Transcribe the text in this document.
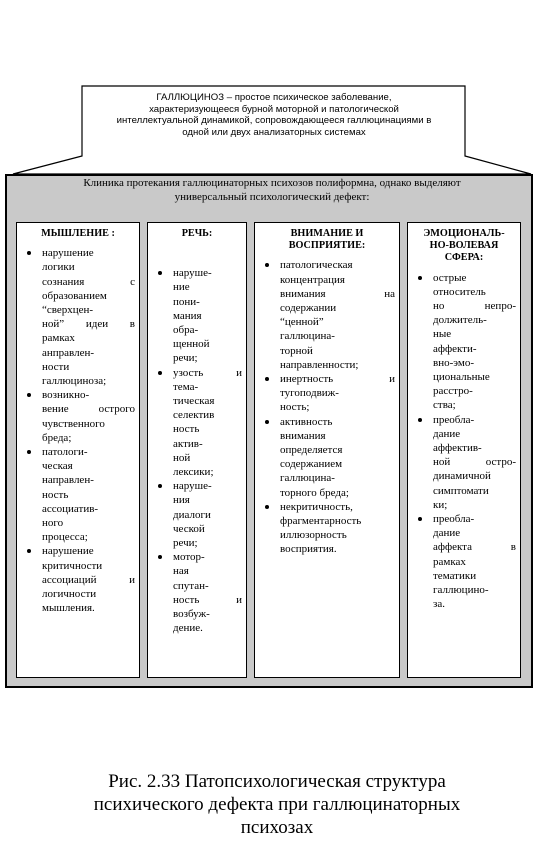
ГАЛЛЮЦИНОЗ – простое психическое заболевание,
характеризующееся бурной моторной и патологической
интеллектуальной динамикой, сопровождающееся галлюцинациями в
одной или двух анализаторных системах
Клиника протекания галлюцинаторных психозов полиформна, однако выделяют
универсальный психологический дефект:
МЫШЛЕНИЕ :
нарушение
логики
сознания с
образованием
“сверхцен-
ной” идеи в
рамках
анправлен-
ности
галлюциноза;
возникно-
вение острого
чувственного
бреда;
патологи-
ческая
направлен-
ность
ассоциатив-
ного
процесса;
нарушение
критичности
ассоциаций и
логичности
мышления.
РЕЧЬ:
наруше-
ние
пони-
мания
обра-
щенной
речи;
узость и
тема-
тическая
селектив
ность
актив-
ной
лексики;
наруше-
ния
диалоги
ческой
речи;
мотор-
ная
спутан-
ность и
возбуж-
дение.
ВНИМАНИЕ И
ВОСПРИЯТИЕ:
патологическая
концентрация
внимания на
содержании
“ценной”
галлюцина-
торной
направленности;
инертность и
тугоподвиж-
ность;
активность
внимания
определяется
содержанием
галлюцина-
торного бреда;
некритичность,
фрагментарность
иллюзорность
восприятия.
ЭМОЦИОНАЛЬ-
НО-ВОЛЕВАЯ
СФЕРА:
острые
относитель
но непро-
должитель-
ные
аффекти-
вно-эмо-
циональные
расстро-
ства;
преобла-
дание
аффектив-
ной остро-
динамичной
симптомати
ки;
преобла-
дание
аффекта в
рамках
тематики
галлюцино-
за.
Рис. 2.33 Патопсихологическая структура
психического дефекта при галлюцинаторных
психозах
